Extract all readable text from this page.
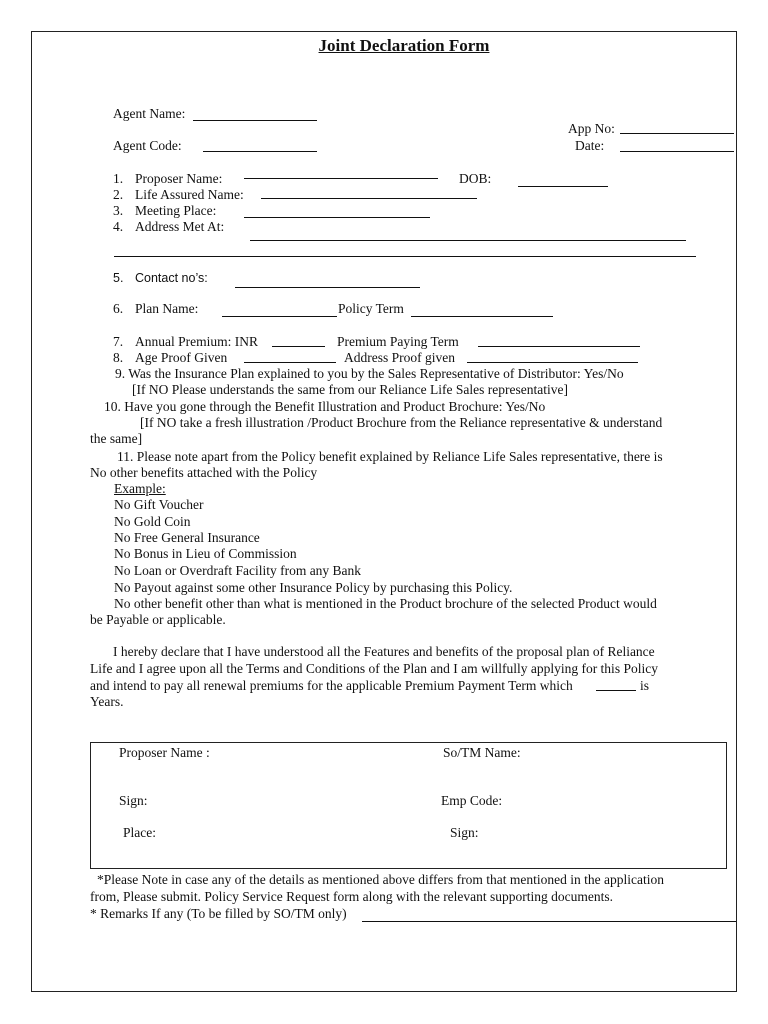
Joint Declaration Form
Agent Name:
Agent Code:
App No:
Date:
1. Proposer Name:	DOB:
2. Life Assured Name:
3. Meeting Place:
4. Address Met At:
5. Contact no’s:
6. Plan Name:	Policy Term
7. Annual Premium: INR	Premium Paying Term
8. Age Proof Given	Address Proof given
9. Was the Insurance Plan explained to you by the Sales Representative of Distributor: Yes/No
[If NO Please understands the same from our Reliance Life Sales representative]
10. Have you gone through the Benefit Illustration and Product Brochure: Yes/No
[If NO take a fresh illustration /Product Brochure from the Reliance representative & understand
the same]
11. Please note apart from the Policy benefit explained by Reliance Life Sales representative, there is
No other benefits attached with the Policy
Example:
No Gift Voucher
No Gold Coin
No Free General Insurance
No Bonus in Lieu of Commission
No Loan or Overdraft Facility from any Bank
No Payout against some other Insurance Policy by purchasing this Policy.
No other benefit other than what is mentioned in the Product brochure of the selected Product would
be Payable or applicable.
I hereby declare that I have understood all the Features and benefits of the proposal plan of Reliance
Life and I agree upon all the Terms and Conditions of the Plan and I am willfully applying for this Policy
and intend to pay all renewal premiums for the applicable Premium Payment Term which	is
Years.
Proposer Name :	So/TM Name:
Sign:	Emp Code:
Place:	Sign:
*Please Note in case any of the details as mentioned above differs from that mentioned in the application
from, Please submit. Policy Service Request form along with the relevant supporting documents.
* Remarks If any (To be filled by SO/TM only)
